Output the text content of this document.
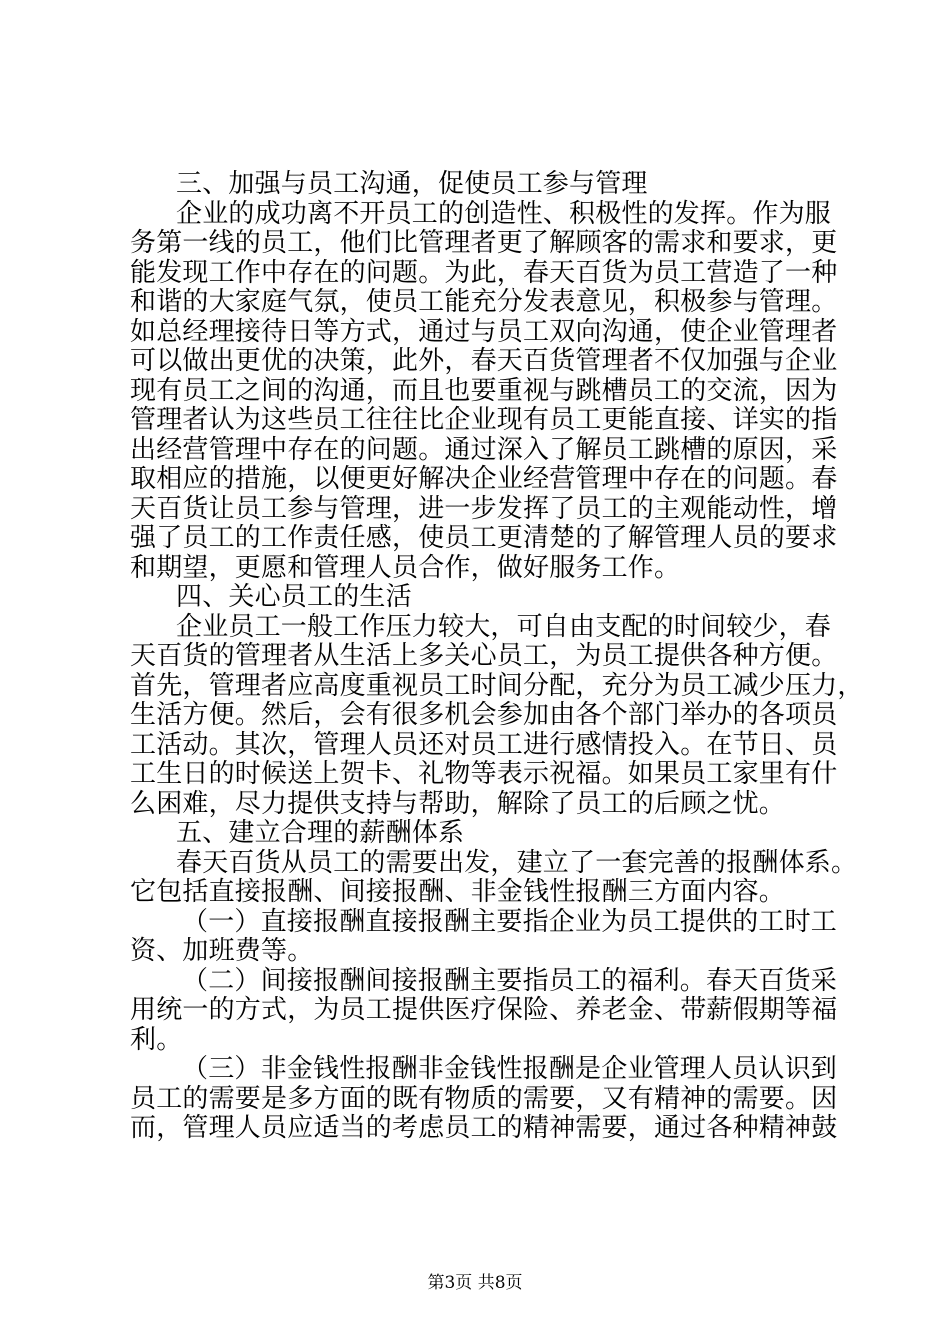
三、加强与员工沟通，促使员工参与管理
企业的成功离不开员工的创造性、积极性的发挥。作为服
务第一线的员工，他们比管理者更了解顾客的需求和要求，更
能发现工作中存在的问题。为此，春天百货为员工营造了一种
和谐的大家庭气氛，使员工能充分发表意见，积极参与管理。
如总经理接待日等方式，通过与员工双向沟通，使企业管理者
可以做出更优的决策，此外，春天百货管理者不仅加强与企业
现有员工之间的沟通，而且也要重视与跳槽员工的交流，因为
管理者认为这些员工往往比企业现有员工更能直接、详实的指
出经营管理中存在的问题。通过深入了解员工跳槽的原因，采
取相应的措施，以便更好解决企业经营管理中存在的问题。春
天百货让员工参与管理，进一步发挥了员工的主观能动性，增
强了员工的工作责任感，使员工更清楚的了解管理人员的要求
和期望，更愿和管理人员合作，做好服务工作。
四、关心员工的生活
企业员工一般工作压力较大，可自由支配的时间较少，春
天百货的管理者从生活上多关心员工，为员工提供各种方便。
首先，管理者应高度重视员工时间分配，充分为员工减少压力，
生活方便。然后，会有很多机会参加由各个部门举办的各项员
工活动。其次，管理人员还对员工进行感情投入。在节日、员
工生日的时候送上贺卡、礼物等表示祝福。如果员工家里有什
么困难，尽力提供支持与帮助，解除了员工的后顾之忧。
五、建立合理的薪酬体系
春天百货从员工的需要出发，建立了一套完善的报酬体系。
它包括直接报酬、间接报酬、非金钱性报酬三方面内容。
（一）直接报酬直接报酬主要指企业为员工提供的工时工
资、加班费等。
（二）间接报酬间接报酬主要指员工的福利。春天百货采
用统一的方式，为员工提供医疗保险、养老金、带薪假期等福
利。
（三）非金钱性报酬非金钱性报酬是企业管理人员认识到
员工的需要是多方面的既有物质的需要，又有精神的需要。因
而，管理人员应适当的考虑员工的精神需要，通过各种精神鼓
第3页 共8页
